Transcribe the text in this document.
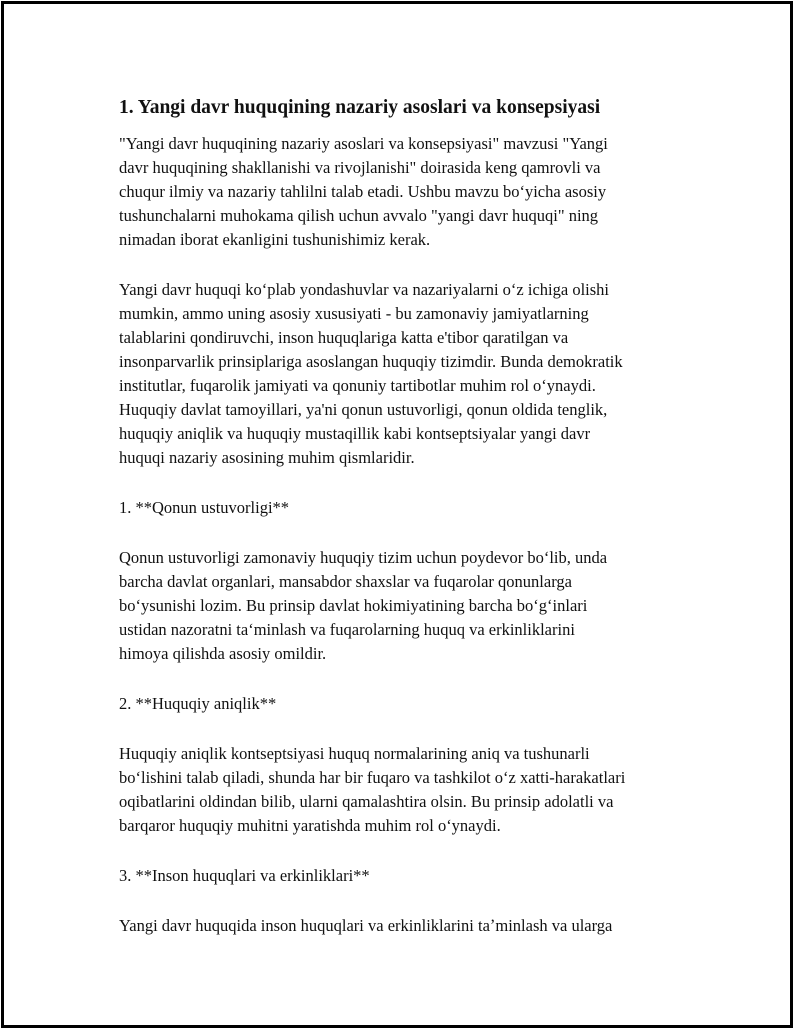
1. Yangi davr huquqining nazariy asoslari va konsepsiyasi
"Yangi davr huquqining nazariy asoslari va konsepsiyasi" mavzusi "Yangi
davr huquqining shakllanishi va rivojlanishi" doirasida keng qamrovli va
chuqur ilmiy va nazariy tahlilni talab etadi. Ushbu mavzu boʻyicha asosiy
tushunchalarni muhokama qilish uchun avvalo "yangi davr huquqi" ning
nimadan iborat ekanligini tushunishimiz kerak.
Yangi davr huquqi koʻplab yondashuvlar va nazariyalarni oʻz ichiga olishi
mumkin, ammo uning asosiy xususiyati - bu zamonaviy jamiyatlarning
talablarini qondiruvchi, inson huquqlariga katta e'tibor qaratilgan va
insonparvarlik prinsiplariga asoslangan huquqiy tizimdir. Bunda demokratik
institutlar, fuqarolik jamiyati va qonuniy tartibotlar muhim rol oʻynaydi.
Huquqiy davlat tamoyillari, ya'ni qonun ustuvorligi, qonun oldida tenglik,
huquqiy aniqlik va huquqiy mustaqillik kabi kontseptsiyalar yangi davr
huquqi nazariy asosining muhim qismlaridir.
1. **Qonun ustuvorligi**
Qonun ustuvorligi zamonaviy huquqiy tizim uchun poydevor boʻlib, unda
barcha davlat organlari, mansabdor shaxslar va fuqarolar qonunlarga
boʻysunishi lozim. Bu prinsip davlat hokimiyatining barcha boʻgʻinlari
ustidan nazoratni taʻminlash va fuqarolarning huquq va erkinliklarini
himoya qilishda asosiy omildir.
2. **Huquqiy aniqlik**
Huquqiy aniqlik kontseptsiyasi huquq normalarining aniq va tushunarli
boʻlishini talab qiladi, shunda har bir fuqaro va tashkilot oʻz xatti-harakatlari
oqibatlarini oldindan bilib, ularni qamalashtira olsin. Bu prinsip adolatli va
barqaror huquqiy muhitni yaratishda muhim rol oʻynaydi.
3. **Inson huquqlari va erkinliklari**
Yangi davr huquqida inson huquqlari va erkinliklarini taʼminlash va ularga
